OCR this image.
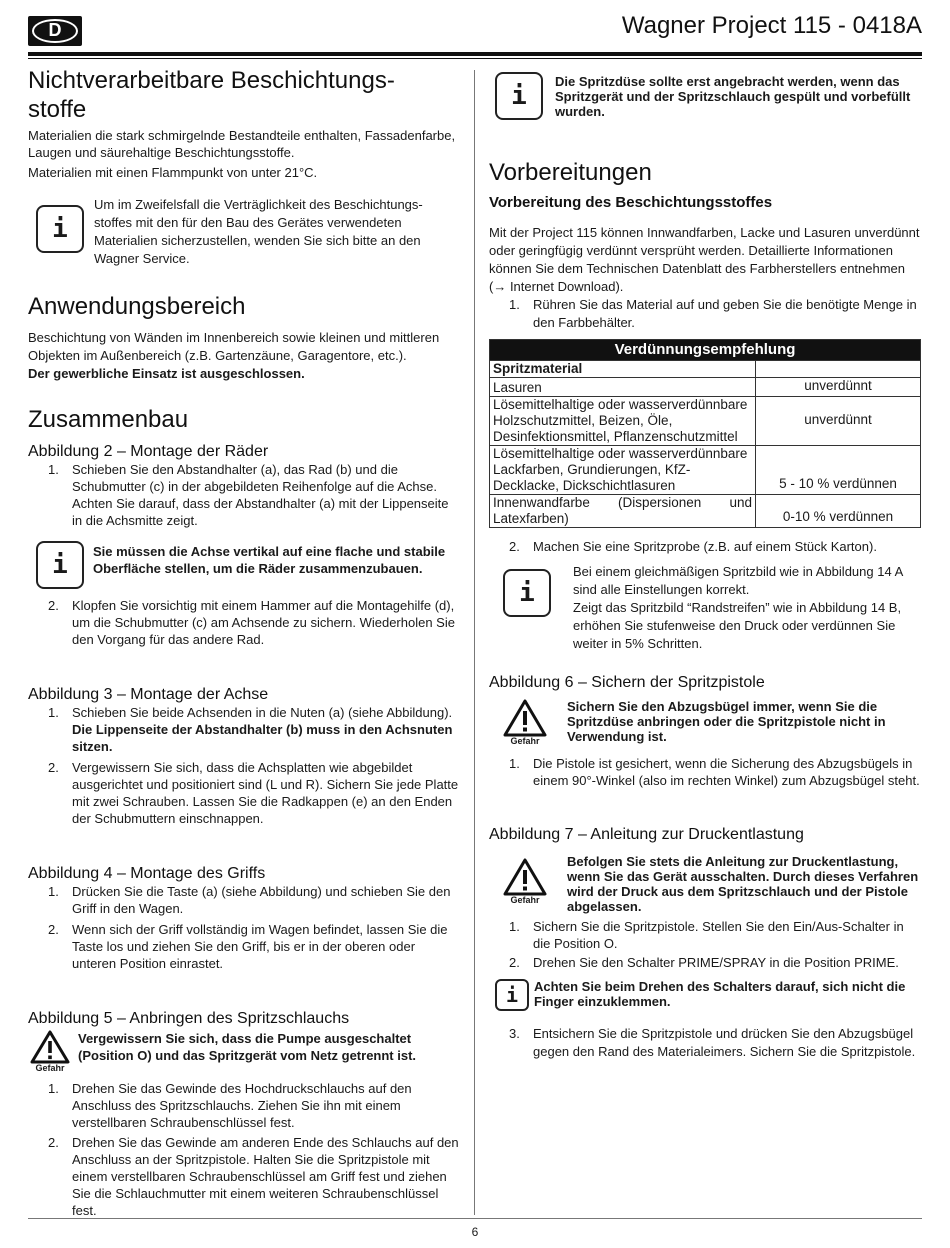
D	Wagner Project 115 - 0418A
Nichtverarbeitbare Beschichtungs-
stoffe

Materialien die stark schmirgelnde Bestandteile enthalten, Fassadenfarbe, Laugen und säurehaltige Beschichtungsstoffe.

Materialien mit einen Flammpunkt von unter 21°C.

i

Um im Zweifelsfall die Verträglichkeit des Beschichtungs-stoffes mit den für den Bau des Gerätes verwendeten Materialien sicherzustellen, wenden Sie sich bitte an den Wagner Service.

Anwendungsbereich

Beschichtung von Wänden im Innenbereich sowie kleinen und mittleren Objekten im Außenbereich (z.B. Gartenzäune, Garagentore, etc.).

Der gewerbliche Einsatz ist ausgeschlossen.

Zusammenbau
Abbildung 2 – Montage der Räder
1. Schieben Sie den Abstandhalter (a), das Rad (b) und die Schubmutter (c) in der abgebildeten Reihenfolge auf die Achse. Achten Sie darauf, dass der Abstandhalter (a) mit der Lippenseite in die Achsmitte zeigt.
i	Sie müssen die Achse vertikal auf eine flache und stabile Oberfläche stellen, um die Räder zusammenzubauen.

2. Klopfen Sie vorsichtig mit einem Hammer auf die Montagehilfe (d), um die Schubmutter (c) am Achsende zu sichern. Wiederholen Sie den Vorgang für das andere Rad.
Abbildung 3 – Montage der Achse
1. Schieben Sie beide Achsenden in die Nuten (a) (siehe Abbildung). Die Lippenseite der Abstandhalter (b) muss in den Achsnuten sitzen.
2. Vergewissern Sie sich, dass die Achsplatten wie abgebildet ausgerichtet und positioniert sind (L und R). Sichern Sie jede Platte mit zwei Schrauben. Lassen Sie die Radkappen (e) an den Enden der Schubmuttern einschnappen.
Abbildung 4 – Montage des Griffs
1. Drücken Sie die Taste (a) (siehe Abbildung) und schieben Sie den Griff in den Wagen.
2. Wenn sich der Griff vollständig im Wagen befindet, lassen Sie die Taste los und ziehen Sie den Griff, bis er in der oberen oder unteren Position einrastet.
Abbildung 5 – Anbringen des Spritzschlauchs
Gefahr

Vergewissern Sie sich, dass die Pumpe ausgeschaltet (Position O) und das Spritzgerät vom Netz getrennt ist.

1. Drehen Sie das Gewinde des Hochdruckschlauchs auf den Anschluss des Spritzschlauchs. Ziehen Sie ihn mit einem verstellbaren Schraubenschlüssel fest.
2. Drehen Sie das Gewinde am anderen Ende des Schlauchs auf den Anschluss an der Spritzpistole. Halten Sie die Spritzpistole mit einem verstellbaren Schraubenschlüssel am Griff fest und ziehen Sie die Schlauchmutter mit einem weiteren Schraubenschlüssel fest.
i	Die Spritzdüse sollte erst angebracht werden, wenn das Spritzgerät und der Spritzschlauch gespült und vorbefüllt wurden.

Vorbereitungen
Vorbereitung des Beschichtungsstoffes

Mit der Project 115 können Innwandfarben, Lacke und Lasuren unverdünnt oder geringfügig verdünnt versprüht werden. Detaillierte Informationen können Sie dem Technischen Datenblatt des Farbherstellers entnehmen (→ Internet Download).

1. Rühren Sie das Material auf und geben Sie die benötigte Menge in den Farbbehälter.
Verdünnungsempfehlung	
Spritzmaterial	
Lasuren	unverdünnt
Lösemittelhaltige oder wasserverdünnbare Holzschutzmittel, Beizen, Öle, Desinfektionsmittel, Pflanzenschutzmittel	unverdünnt
Lösemittelhaltige oder wasserverdünnbare Lackfarben, Grundierungen, KfZ- Decklacke, Dickschichtlasuren	5 - 10 % verdünnen
Innenwandfarbe (Dispersionen und Latexfarben)	0-10 % verdünnen
2. Machen Sie eine Spritzprobe (z.B. auf einem Stück Karton).
i

Bei einem gleichmäßigen Spritzbild wie in Abbildung 14 A sind alle Einstellungen korrekt.
Zeigt das Spritzbild “Randstreifen” wie in Abbildung 14 B, erhöhen Sie stufenweise den Druck oder verdünnen Sie weiter in 5% Schritten.

Abbildung 6 – Sichern der Spritzpistole
Gefahr

Sichern Sie den Abzugsbügel immer, wenn Sie die Spritzdüse anbringen oder die Spritzpistole nicht in Verwendung ist.

1. Die Pistole ist gesichert, wenn die Sicherung des Abzugsbügels in einem 90°-Winkel (also im rechten Winkel) zum Abzugsbügel steht.
Abbildung 7 – Anleitung zur Druckentlastung
Gefahr

Befolgen Sie stets die Anleitung zur Druckentlastung, wenn Sie das Gerät ausschalten. Durch dieses Verfahren wird der Druck aus dem Spritzschlauch und der Pistole abgelassen.

1. Sichern Sie die Spritzpistole. Stellen Sie den Ein/Aus-Schalter in die Position O.
2. Drehen Sie den Schalter PRIME/SPRAY in die Position PRIME.
i	Achten Sie beim Drehen des Schalters darauf, sich nicht die Finger einzuklemmen.

3. Entsichern Sie die Spritzpistole und drücken Sie den Abzugsbügel gegen den Rand des Materialeimers. Sichern Sie die Spritzpistole.
6
